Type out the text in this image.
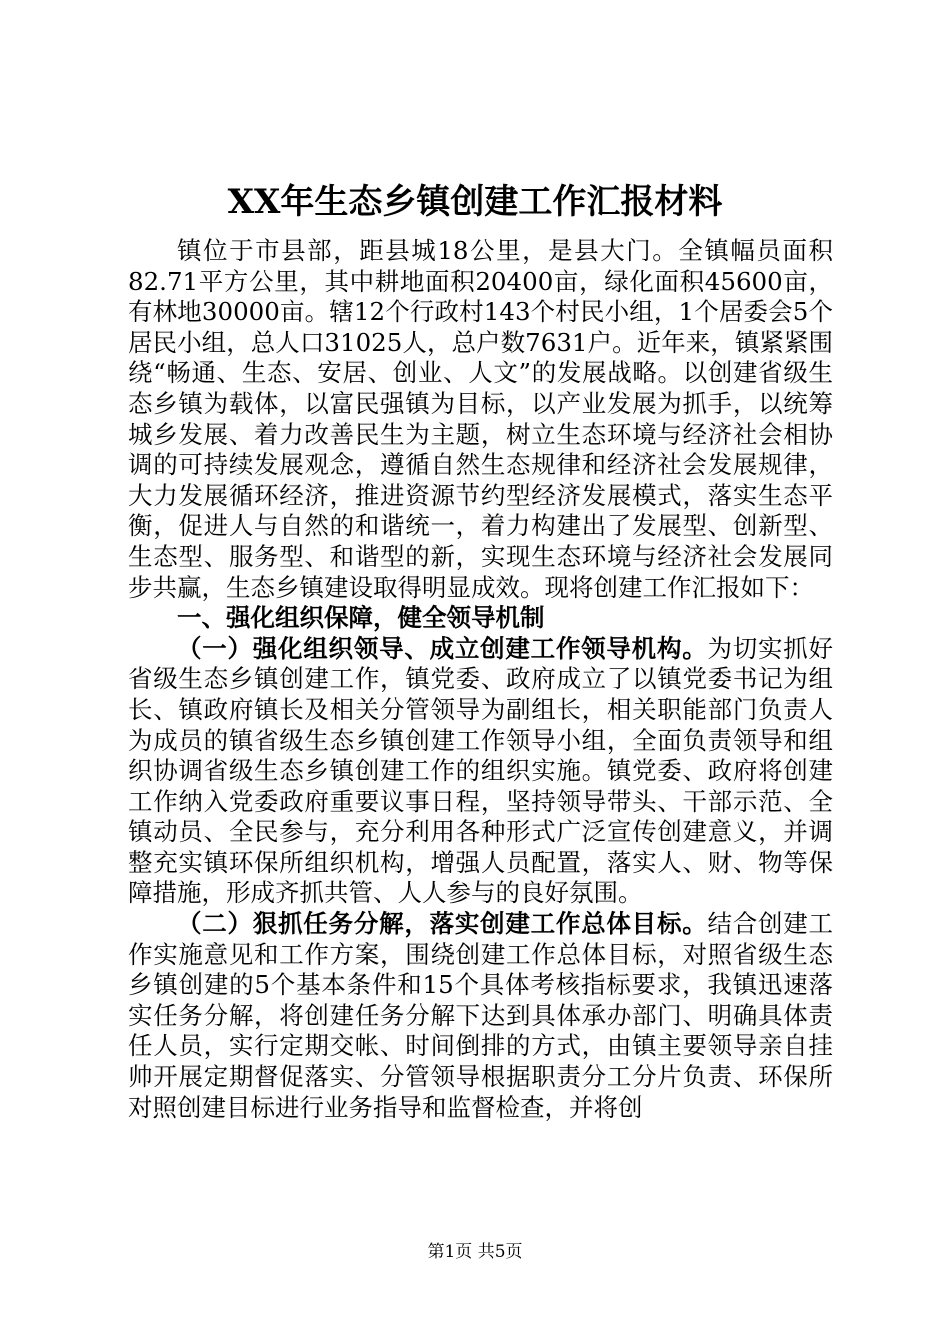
XX年生态乡镇创建工作汇报材料

镇位于市县部，距县城18公里，是县大门。全镇幅员面积82.71平方公里，其中耕地面积20400亩，绿化面积45600亩，有林地30000亩。辖12个行政村143个村民小组，1个居委会5个居民小组，总人口31025人，总户数7631户。近年来，镇紧紧围绕“畅通、生态、安居、创业、人文”的发展战略。以创建省级生态乡镇为载体，以富民强镇为目标，以产业发展为抓手，以统筹城乡发展、着力改善民生为主题，树立生态环境与经济社会相协调的可持续发展观念，遵循自然生态规律和经济社会发展规律，大力发展循环经济，推进资源节约型经济发展模式，落实生态平衡，促进人与自然的和谐统一，着力构建出了发展型、创新型、生态型、服务型、和谐型的新，实现生态环境与经济社会发展同步共赢，生态乡镇建设取得明显成效。现将创建工作汇报如下：

一、强化组织保障，健全领导机制

（一）强化组织领导、成立创建工作领导机构。为切实抓好省级生态乡镇创建工作，镇党委、政府成立了以镇党委书记为组长、镇政府镇长及相关分管领导为副组长，相关职能部门负责人为成员的镇省级生态乡镇创建工作领导小组，全面负责领导和组织协调省级生态乡镇创建工作的组织实施。镇党委、政府将创建工作纳入党委政府重要议事日程，坚持领导带头、干部示范、全镇动员、全民参与，充分利用各种形式广泛宣传创建意义，并调整充实镇环保所组织机构，增强人员配置，落实人、财、物等保障措施，形成齐抓共管、人人参与的良好氛围。

（二）狠抓任务分解，落实创建工作总体目标。结合创建工作实施意见和工作方案，围绕创建工作总体目标，对照省级生态乡镇创建的5个基本条件和15个具体考核指标要求，我镇迅速落实任务分解，将创建任务分解下达到具体承办部门、明确具体责任人员，实行定期交帐、时间倒排的方式，由镇主要领导亲自挂帅开展定期督促落实、分管领导根据职责分工分片负责、环保所对照创建目标进行业务指导和监督检查，并将创

第1页 共5页
